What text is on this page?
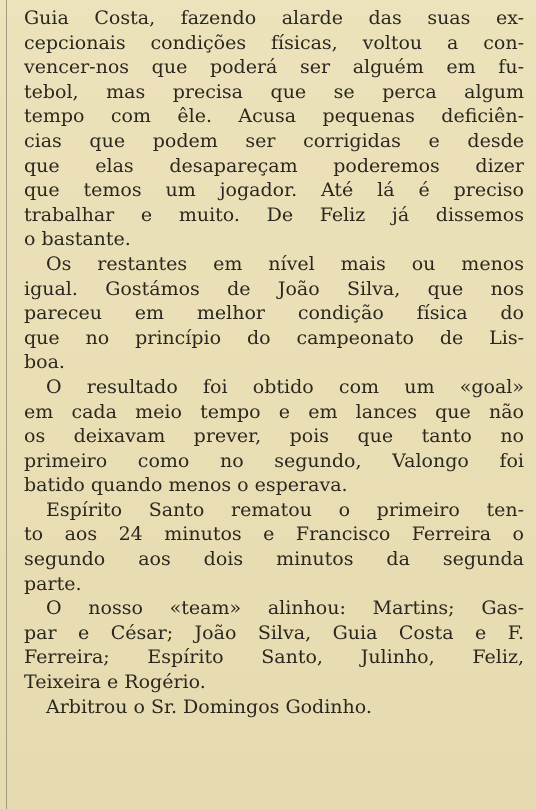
Guia Costa, fazendo alarde das suas ex-
cepcionais condições físicas, voltou a con-
vencer-nos que poderá ser alguém em fu-
tebol, mas precisa que se perca algum
tempo com êle. Acusa pequenas deficiên-
cias que podem ser corrigidas e desde
que elas desapareçam poderemos dizer
que temos um jogador. Até lá é preciso
trabalhar e muito. De Feliz já dissemos
o bastante.

Os restantes em nível mais ou menos
igual. Gostámos de João Silva, que nos
pareceu em melhor condição física do
que no princípio do campeonato de Lis-
boa.

O resultado foi obtido com um «goal»
em cada meio tempo e em lances que não
os deixavam prever, pois que tanto no
primeiro como no segundo, Valongo foi
batido quando menos o esperava.

Espírito Santo rematou o primeiro ten-
to aos 24 minutos e Francisco Ferreira o
segundo aos dois minutos da segunda
parte.

O nosso «team» alinhou: Martins; Gas-
par e César; João Silva, Guia Costa e F.
Ferreira; Espírito Santo, Julinho, Feliz,
Teixeira e Rogério.

Arbitrou o Sr. Domingos Godinho.
